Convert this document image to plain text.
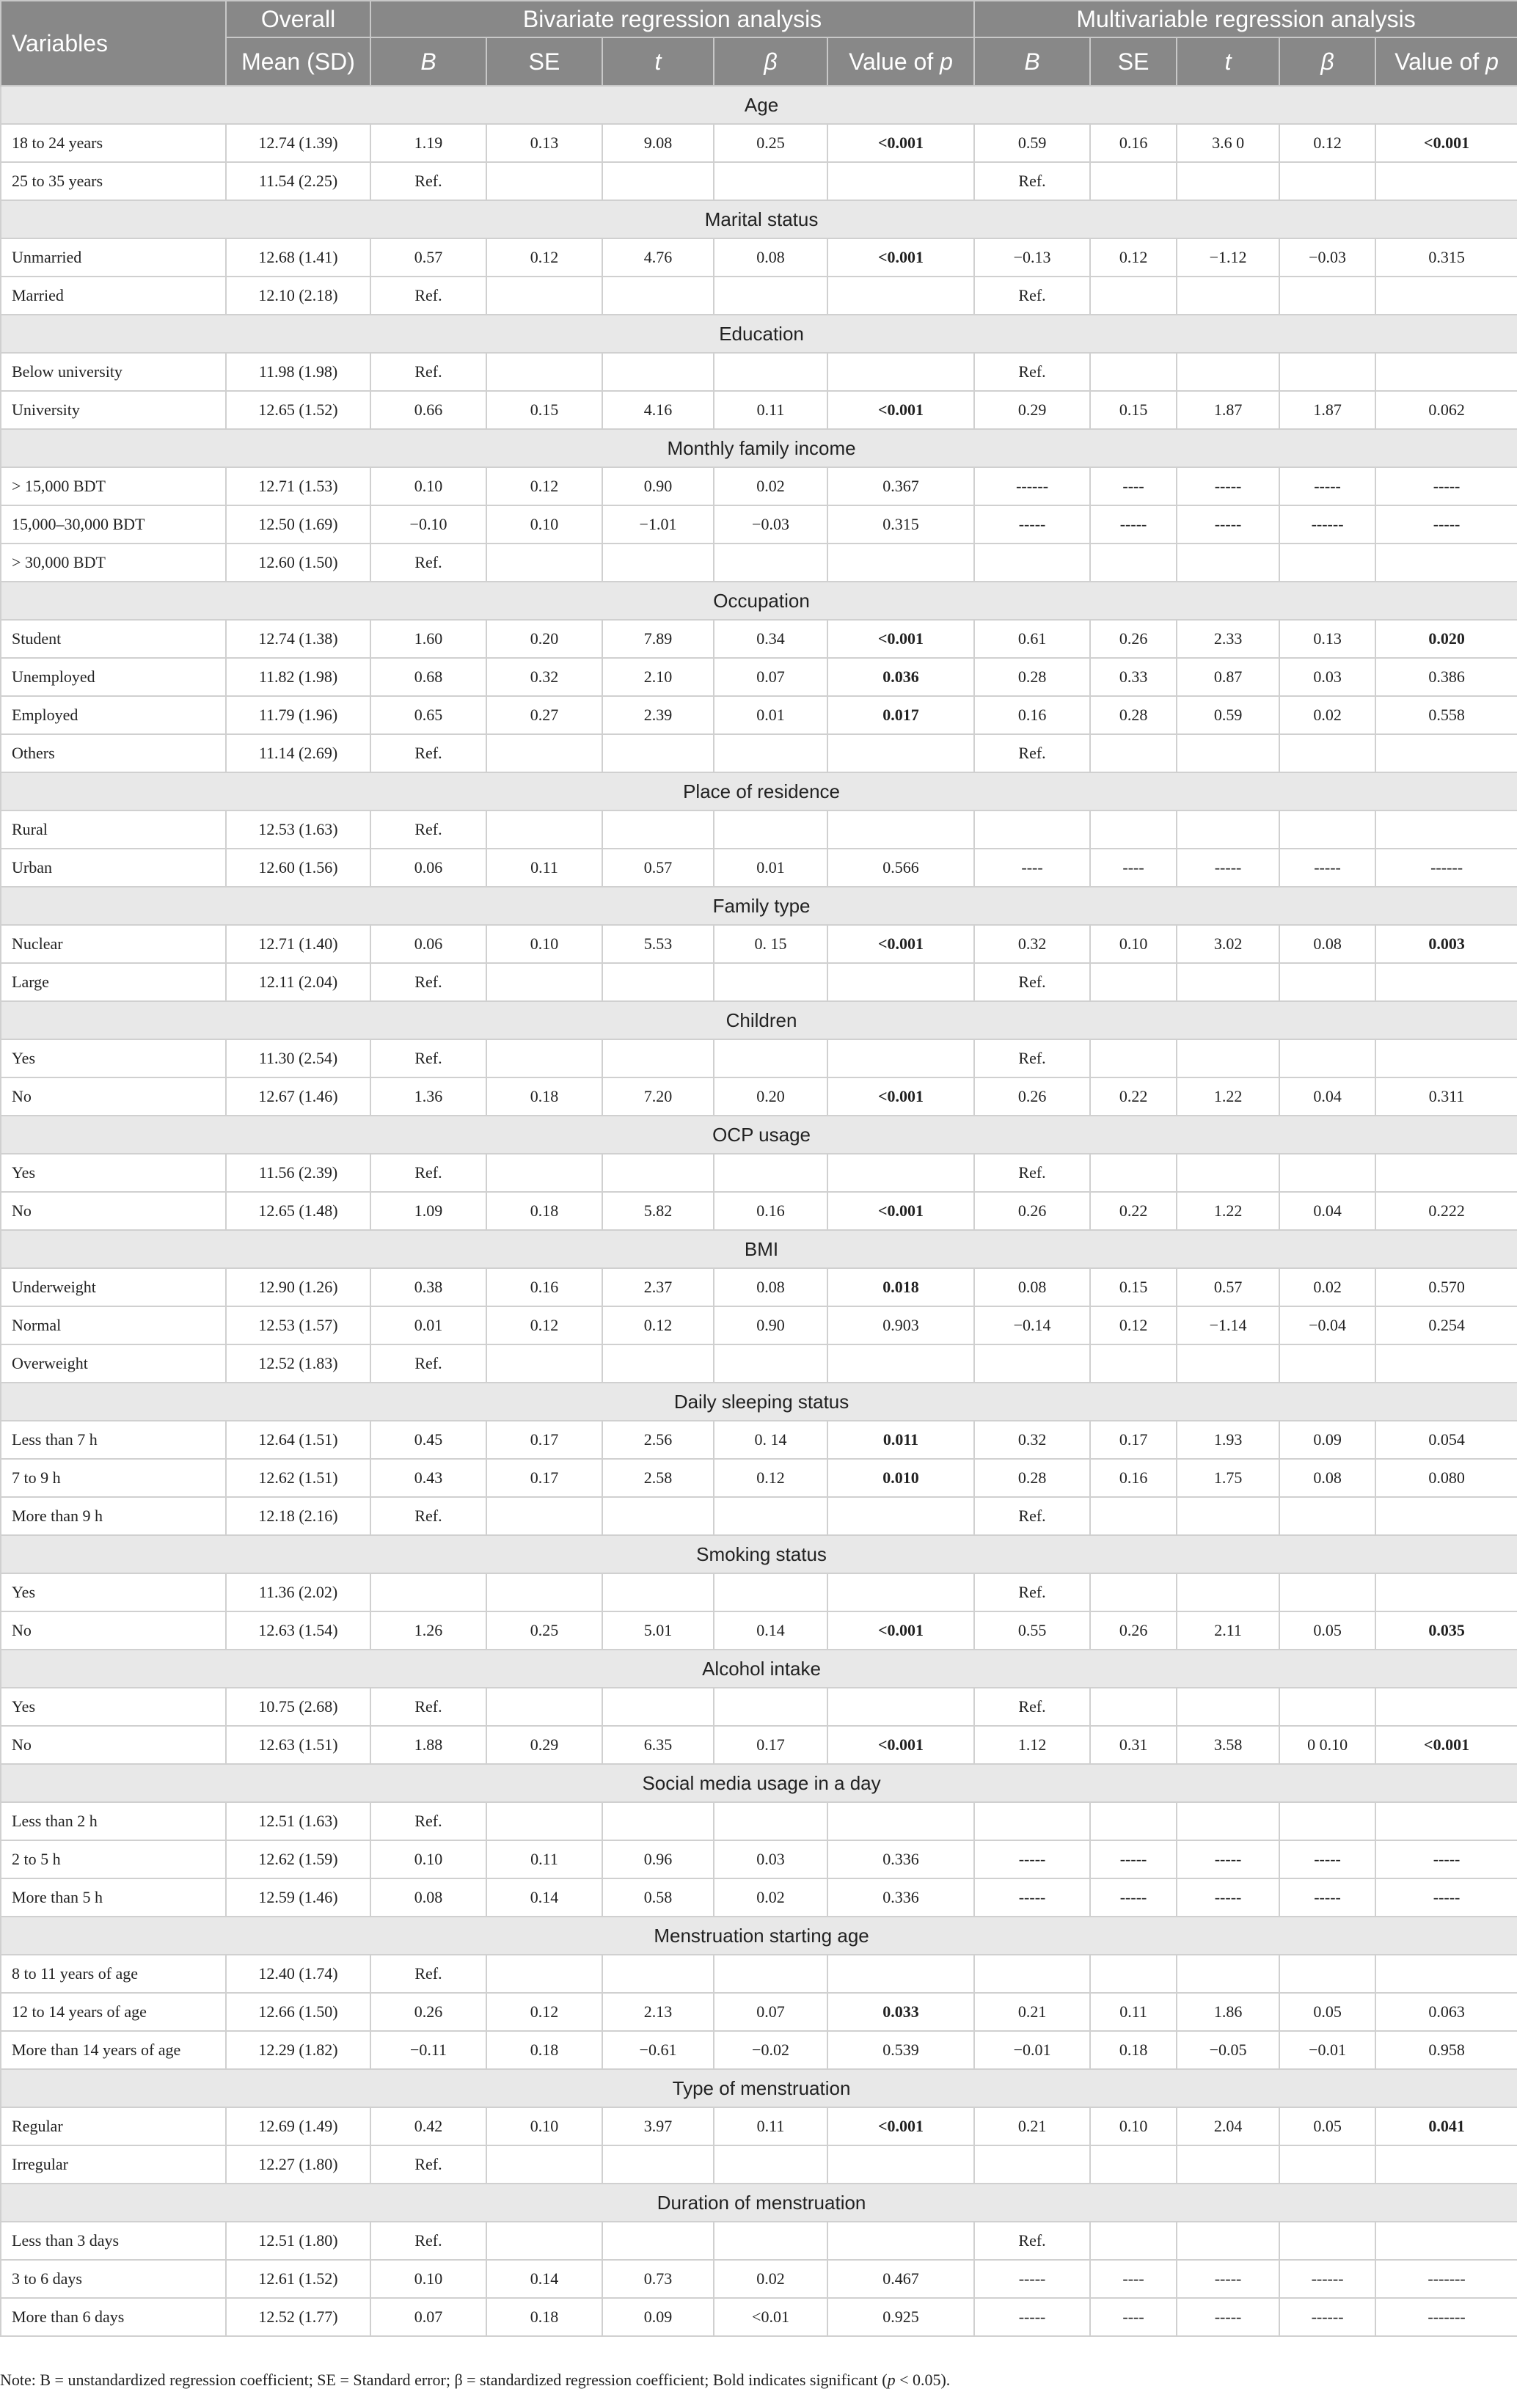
Variables	Overall	Bivariate regression analysis					Multivariable regression analysis				
	Mean (SD)	B	SE	t	β	Value of p	B	SE	t	β	Value of p
Age											
18 to 24 years	12.74 (1.39)	1.19	0.13	9.08	0.25	<0.001	0.59	0.16	3.6 0	0.12	<0.001
25 to 35 years	11.54 (2.25)	Ref.					Ref.				
Marital status											
Unmarried	12.68 (1.41)	0.57	0.12	4.76	0.08	<0.001	−0.13	0.12	−1.12	−0.03	0.315
Married	12.10 (2.18)	Ref.					Ref.				
Education											
Below university	11.98 (1.98)	Ref.					Ref.				
University	12.65 (1.52)	0.66	0.15	4.16	0.11	<0.001	0.29	0.15	1.87	1.87	0.062
Monthly family income											
> 15,000 BDT	12.71 (1.53)	0.10	0.12	0.90	0.02	0.367	------	----	-----	-----	-----
15,000–30,000 BDT	12.50 (1.69)	−0.10	0.10	−1.01	−0.03	0.315	-----	-----	-----	------	-----
> 30,000 BDT	12.60 (1.50)	Ref.									
Occupation											
Student	12.74 (1.38)	1.60	0.20	7.89	0.34	<0.001	0.61	0.26	2.33	0.13	0.020
Unemployed	11.82 (1.98)	0.68	0.32	2.10	0.07	0.036	0.28	0.33	0.87	0.03	0.386
Employed	11.79 (1.96)	0.65	0.27	2.39	0.01	0.017	0.16	0.28	0.59	0.02	0.558
Others	11.14 (2.69)	Ref.					Ref.				
Place of residence											
Rural	12.53 (1.63)	Ref.									
Urban	12.60 (1.56)	0.06	0.11	0.57	0.01	0.566	----	----	-----	-----	------
Family type											
Nuclear	12.71 (1.40)	0.06	0.10	5.53	0. 15	<0.001	0.32	0.10	3.02	0.08	0.003
Large	12.11 (2.04)	Ref.					Ref.				
Children											
Yes	11.30 (2.54)	Ref.					Ref.				
No	12.67 (1.46)	1.36	0.18	7.20	0.20	<0.001	0.26	0.22	1.22	0.04	0.311
OCP usage											
Yes	11.56 (2.39)	Ref.					Ref.				
No	12.65 (1.48)	1.09	0.18	5.82	0.16	<0.001	0.26	0.22	1.22	0.04	0.222
BMI											
Underweight	12.90 (1.26)	0.38	0.16	2.37	0.08	0.018	0.08	0.15	0.57	0.02	0.570
Normal	12.53 (1.57)	0.01	0.12	0.12	0.90	0.903	−0.14	0.12	−1.14	−0.04	0.254
Overweight	12.52 (1.83)	Ref.									
Daily sleeping status											
Less than 7 h	12.64 (1.51)	0.45	0.17	2.56	0. 14	0.011	0.32	0.17	1.93	0.09	0.054
7 to 9 h	12.62 (1.51)	0.43	0.17	2.58	0.12	0.010	0.28	0.16	1.75	0.08	0.080
More than 9 h	12.18 (2.16)	Ref.					Ref.				
Smoking status											
Yes	11.36 (2.02)						Ref.				
No	12.63 (1.54)	1.26	0.25	5.01	0.14	<0.001	0.55	0.26	2.11	0.05	0.035
Alcohol intake											
Yes	10.75 (2.68)	Ref.					Ref.				
No	12.63 (1.51)	1.88	0.29	6.35	0.17	<0.001	1.12	0.31	3.58	0 0.10	<0.001
Social media usage in a day											
Less than 2 h	12.51 (1.63)	Ref.									
2 to 5 h	12.62 (1.59)	0.10	0.11	0.96	0.03	0.336	-----	-----	-----	-----	-----
More than 5 h	12.59 (1.46)	0.08	0.14	0.58	0.02	0.336	-----	-----	-----	-----	-----
Menstruation starting age											
8 to 11 years of age	12.40 (1.74)	Ref.									
12 to 14 years of age	12.66 (1.50)	0.26	0.12	2.13	0.07	0.033	0.21	0.11	1.86	0.05	0.063
More than 14 years of age	12.29 (1.82)	−0.11	0.18	−0.61	−0.02	0.539	−0.01	0.18	−0.05	−0.01	0.958
Type of menstruation											
Regular	12.69 (1.49)	0.42	0.10	3.97	0.11	<0.001	0.21	0.10	2.04	0.05	0.041
Irregular	12.27 (1.80)	Ref.									
Duration of menstruation											
Less than 3 days	12.51 (1.80)	Ref.					Ref.				
3 to 6 days	12.61 (1.52)	0.10	0.14	0.73	0.02	0.467	-----	----	-----	------	-------
More than 6 days	12.52 (1.77)	0.07	0.18	0.09	<0.01	0.925	-----	----	-----	------	-------
Note: B = unstandardized regression coefficient; SE = Standard error; β = standardized regression coefficient; Bold indicates significant (p < 0.05).
